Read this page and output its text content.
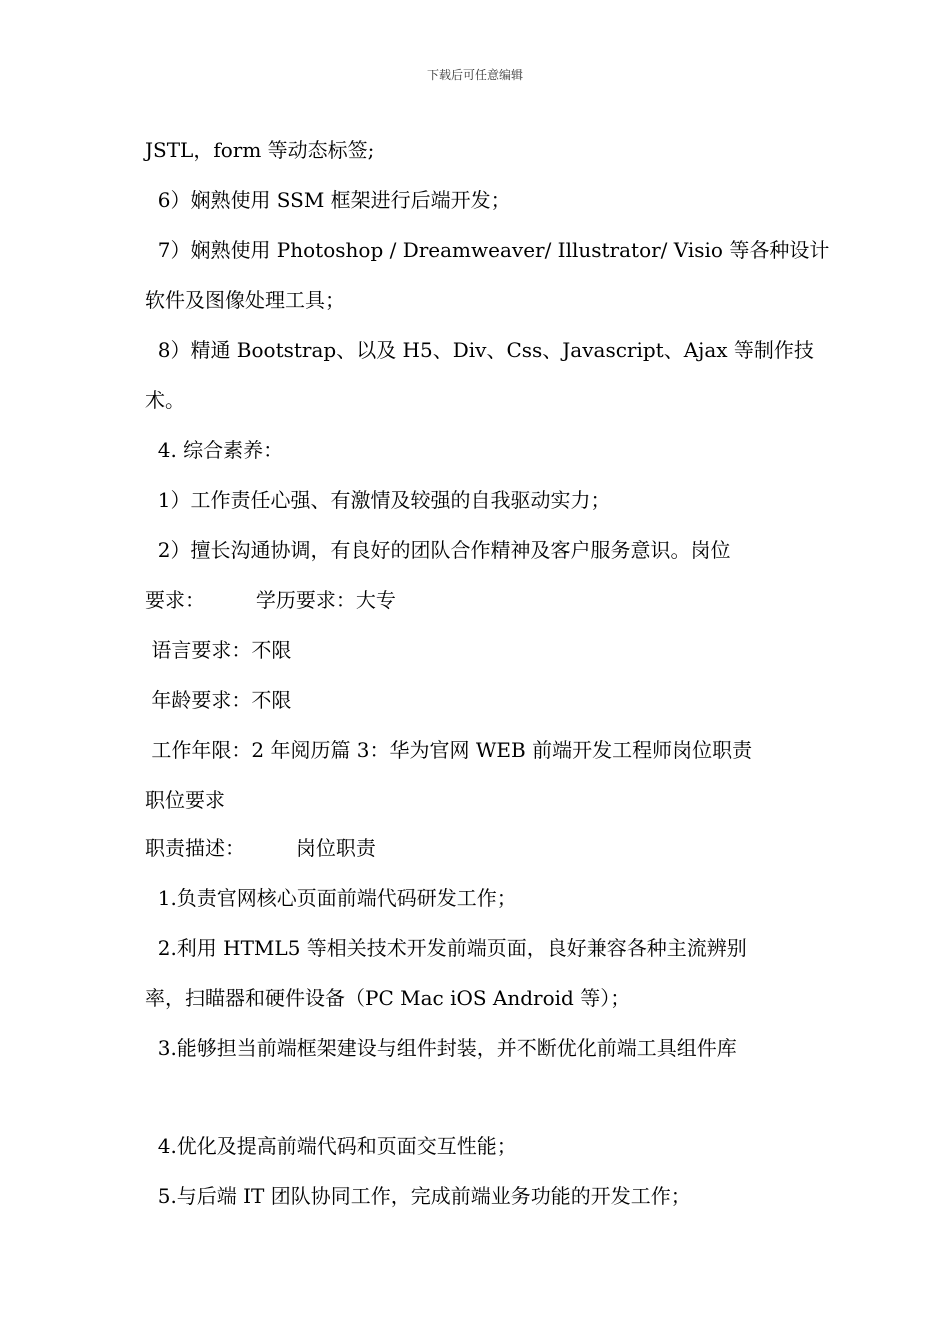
下载后可任意编辑
JSTL，form 等动态标签;
6）娴熟使用 SSM 框架进行后端开发；
7）娴熟使用 Photoshop / Dreamweaver/ Illustrator/ Visio 等各种设计
软件及图像处理工具；
8）精通 Bootstrap、以及 H5、Div、Css、Javascript、Ajax 等制作技
术。
4. 综合素养：
1）工作责任心强、有激情及较强的自我驱动实力；
2）擅长沟通协调，有良好的团队合作精神及客户服务意识。岗位
要求：        学历要求：大专
语言要求：不限
年龄要求：不限
工作年限：2 年阅历篇 3：华为官网 WEB 前端开发工程师岗位职责
职位要求
职责描述：        岗位职责
1.负责官网核心页面前端代码研发工作；
2.利用 HTML5 等相关技术开发前端页面，良好兼容各种主流辨别
率，扫瞄器和硬件设备（PC Mac iOS Android 等）；
3.能够担当前端框架建设与组件封装，并不断优化前端工具组件库
4.优化及提高前端代码和页面交互性能；
5.与后端 IT 团队协同工作，完成前端业务功能的开发工作；
